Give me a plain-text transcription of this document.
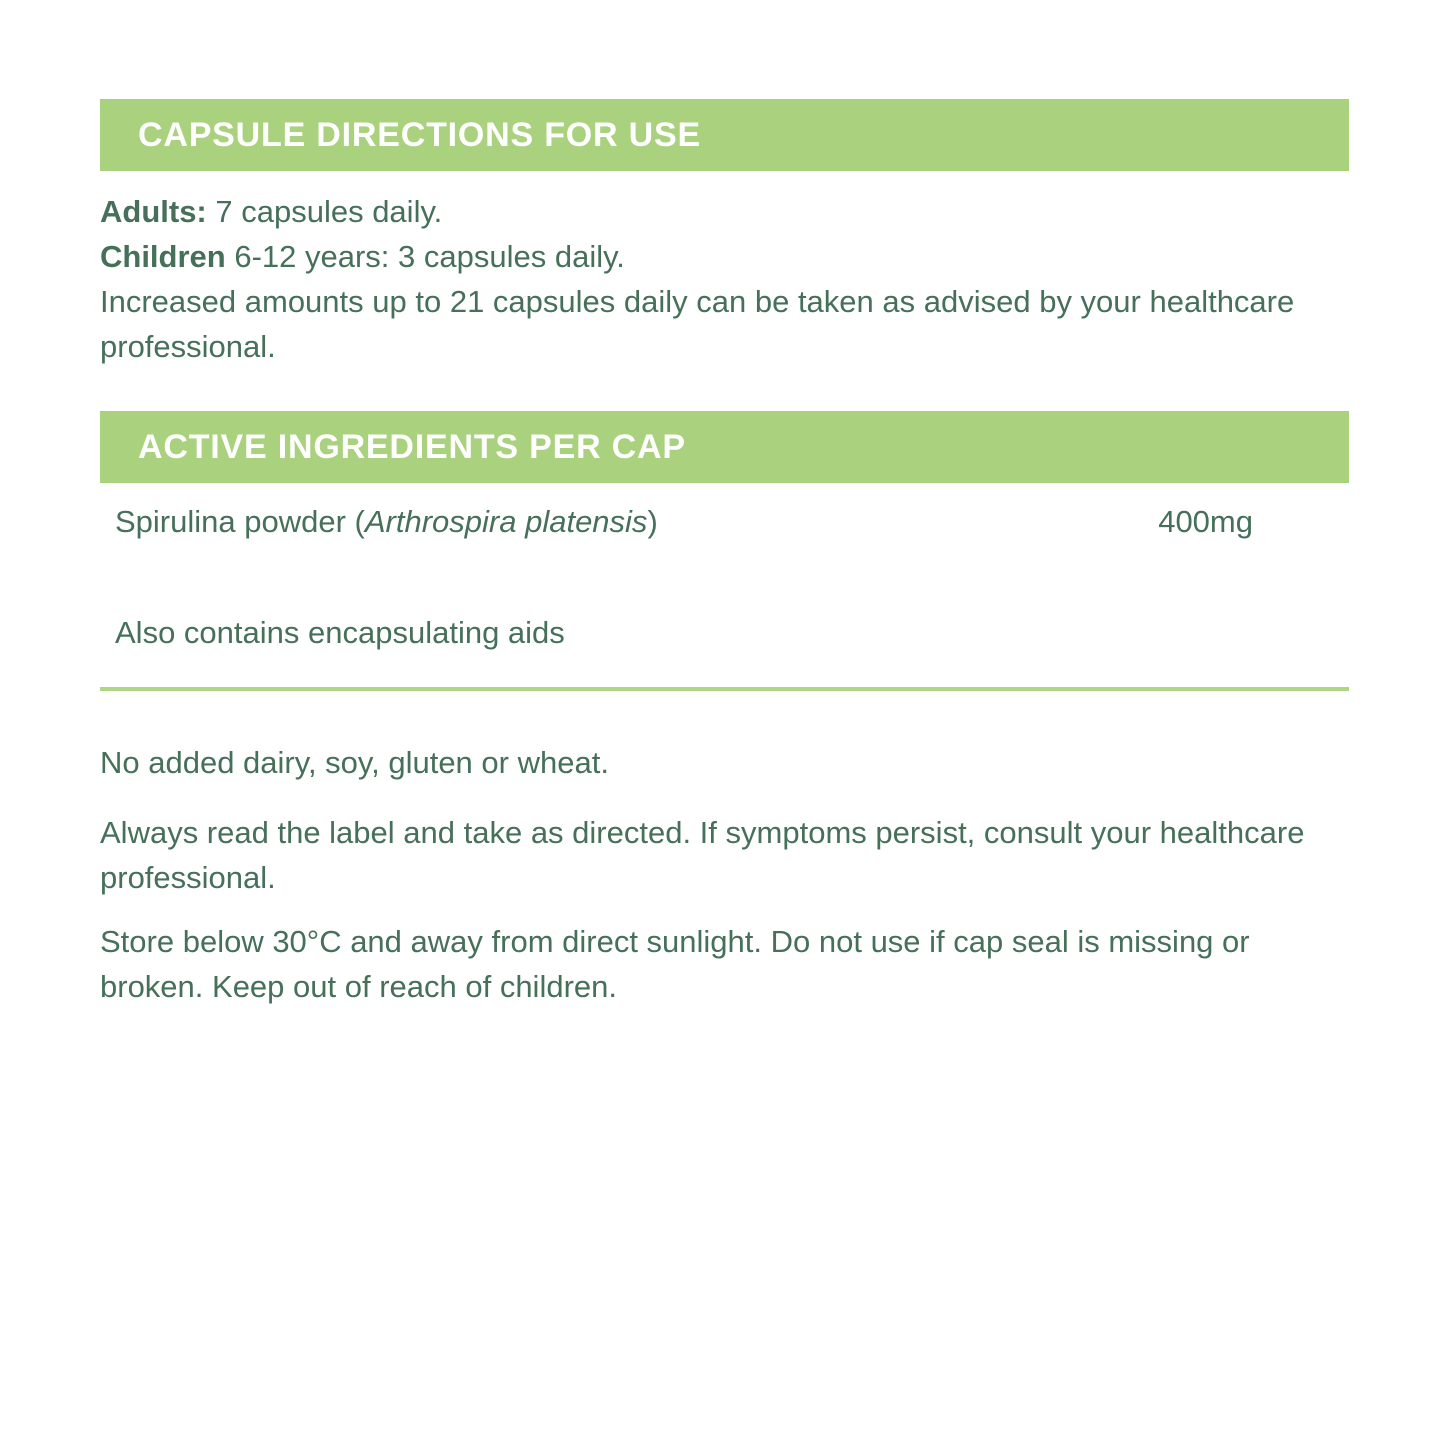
CAPSULE DIRECTIONS FOR USE
Adults: 7 capsules daily.
Children 6-12 years: 3 capsules daily.
Increased amounts up to 21 capsules daily can be taken as advised by your healthcare professional.
ACTIVE INGREDIENTS PER CAP
Spirulina powder (Arthrospira platensis)	400mg
Also contains encapsulating aids
No added dairy, soy, gluten or wheat.
Always read the label and take as directed. If symptoms persist, consult your healthcare professional.
Store below 30°C and away from direct sunlight. Do not use if cap seal is missing or broken. Keep out of reach of children.
